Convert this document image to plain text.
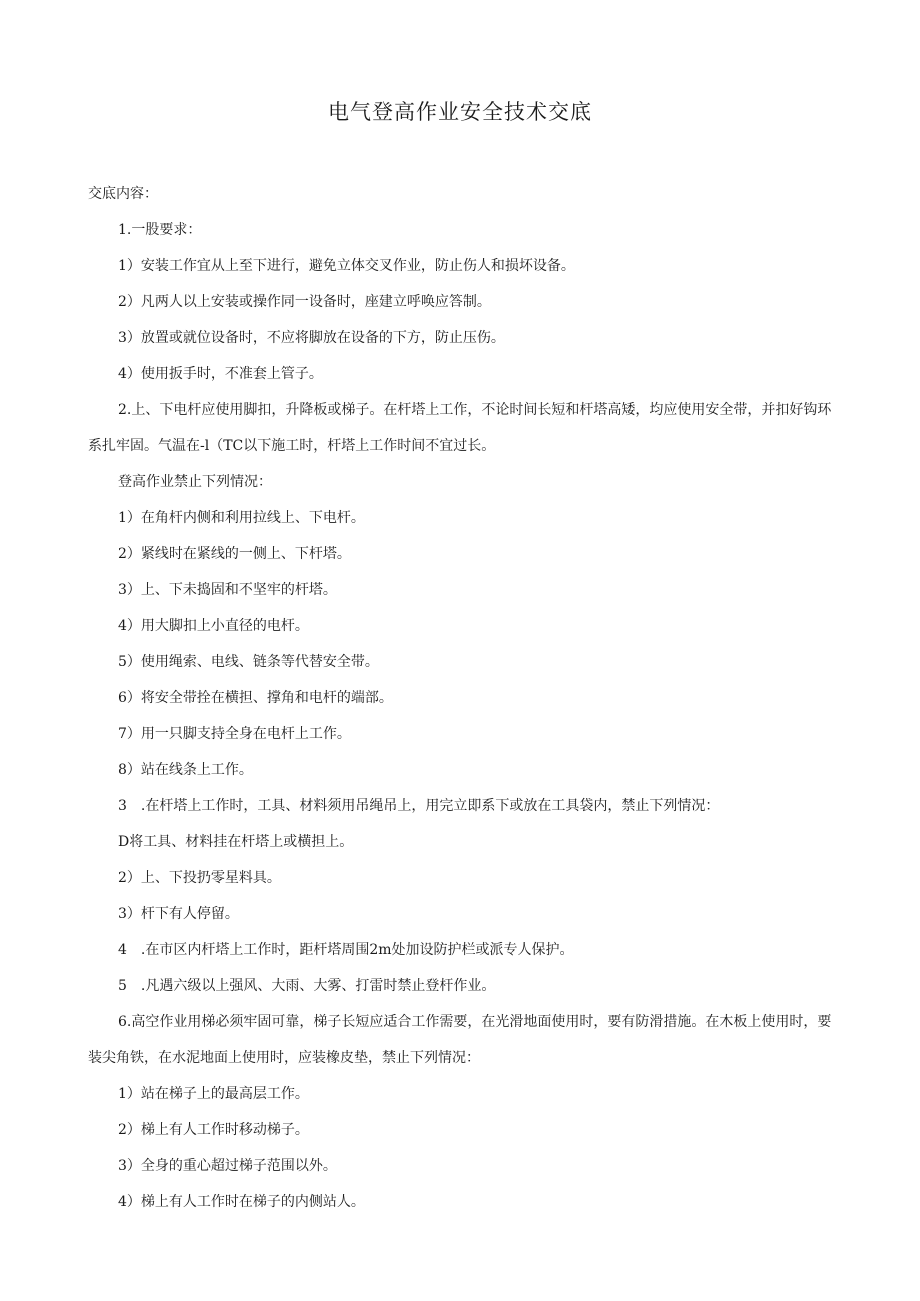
电气登高作业安全技术交底

交底内容：

1.一股要求：

1）安装工作宜从上至下进行，避免立体交叉作业，防止伤人和损坏设备。

2）凡两人以上安装或操作同一设备时，座建立呼唤应答制。

3）放置或就位设备时，不应将脚放在设备的下方，防止压伤。

4）使用扳手时，不准套上管子。

2.上、下电杆应使用脚扣，升降板或梯子。在杆塔上工作，不论时间长短和杆塔高矮，均应使用安全带，并扣好钩环系扎牢固。气温在-l（TC以下施工时，杆塔上工作时间不宜过长。

登高作业禁止下列情况：

1）在角杆内侧和利用拉线上、下电杆。

2）紧线时在紧线的一侧上、下杆塔。

3）上、下未捣固和不坚牢的杆塔。

4）用大脚扣上小直径的电杆。

5）使用绳索、电线、链条等代替安全带。

6）将安全带拴在横担、撑角和电杆的端部。

7）用一只脚支持全身在电杆上工作。

8）站在线条上工作。

3　.在杆塔上工作时，工具、材料须用吊绳吊上，用完立即系下或放在工具袋内，禁止下列情况：

D将工具、材料挂在杆塔上或横担上。

2）上、下投扔零星料具。

3）杆下有人停留。

4　.在市区内杆塔上工作时，距杆塔周围2m处加设防护栏或派专人保护。

5　.凡遇六级以上强风、大雨、大雾、打雷时禁止登杆作业。

6.高空作业用梯必须牢固可靠，梯子长短应适合工作需要，在光滑地面使用时，要有防滑措施。在木板上使用时，要装尖角铁，在水泥地面上使用时，应装橡皮垫，禁止下列情况：

1）站在梯子上的最高层工作。

2）梯上有人工作时移动梯子。

3）全身的重心超过梯子范围以外。

4）梯上有人工作时在梯子的内侧站人。
